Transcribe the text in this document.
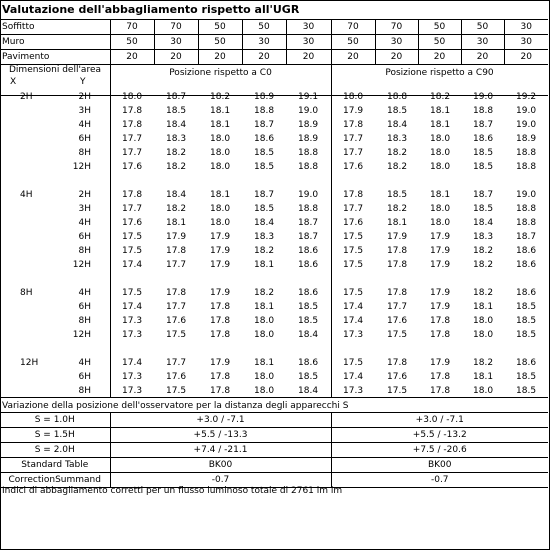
Valutazione dell'abbagliamento rispetto all'UGR
Soffitto	70	70	50	50	30	70	70	50	50	30
Muro	50	30	50	30	30	50	30	50	30	30
Pavimento	20	20	20	20	20	20	20	20	20	20
Dimensioni dell'area
X	Y
Posizione rispetto a C0	Posizione rispetto a C90
2H	2H	18.0	18.7	18.2	18.9	19.1	18.0	18.8	18.2	19.0	19.2
	3H	17.8	18.5	18.1	18.8	19.0	17.9	18.5	18.1	18.8	19.0
	4H	17.8	18.4	18.1	18.7	18.9	17.8	18.4	18.1	18.7	19.0
	6H	17.7	18.3	18.0	18.6	18.9	17.7	18.3	18.0	18.6	18.9
	8H	17.7	18.2	18.0	18.5	18.8	17.7	18.2	18.0	18.5	18.8
	12H	17.6	18.2	18.0	18.5	18.8	17.6	18.2	18.0	18.5	18.8

4H	2H	17.8	18.4	18.1	18.7	19.0	17.8	18.5	18.1	18.7	19.0
	3H	17.7	18.2	18.0	18.5	18.8	17.7	18.2	18.0	18.5	18.8
	4H	17.6	18.1	18.0	18.4	18.7	17.6	18.1	18.0	18.4	18.8
	6H	17.5	17.9	17.9	18.3	18.7	17.5	17.9	17.9	18.3	18.7
	8H	17.5	17.8	17.9	18.2	18.6	17.5	17.8	17.9	18.2	18.6
	12H	17.4	17.7	17.9	18.1	18.6	17.5	17.8	17.9	18.2	18.6

8H	4H	17.5	17.8	17.9	18.2	18.6	17.5	17.8	17.9	18.2	18.6
	6H	17.4	17.7	17.8	18.1	18.5	17.4	17.7	17.9	18.1	18.5
	8H	17.3	17.6	17.8	18.0	18.5	17.4	17.6	17.8	18.0	18.5
	12H	17.3	17.5	17.8	18.0	18.4	17.3	17.5	17.8	18.0	18.5

12H	4H	17.4	17.7	17.9	18.1	18.6	17.5	17.8	17.9	18.2	18.6
	6H	17.3	17.6	17.8	18.0	18.5	17.4	17.6	17.8	18.1	18.5
	8H	17.3	17.5	17.8	18.0	18.4	17.3	17.5	17.8	18.0	18.5
Variazione della posizione dell'osservatore per la distanza degli apparecchi S
S = 1.0H	+3.0 / -7.1	+3.0 / -7.1
S = 1.5H	+5.5 / -13.3	+5.5 / -13.2
S = 2.0H	+7.4 / -21.1	+7.5 / -20.6
Standard Table	BK00	BK00
CorrectionSummand	-0.7	-0.7
Indici di abbagliamento corretti per un flusso luminoso totale di 2761 lm lm
